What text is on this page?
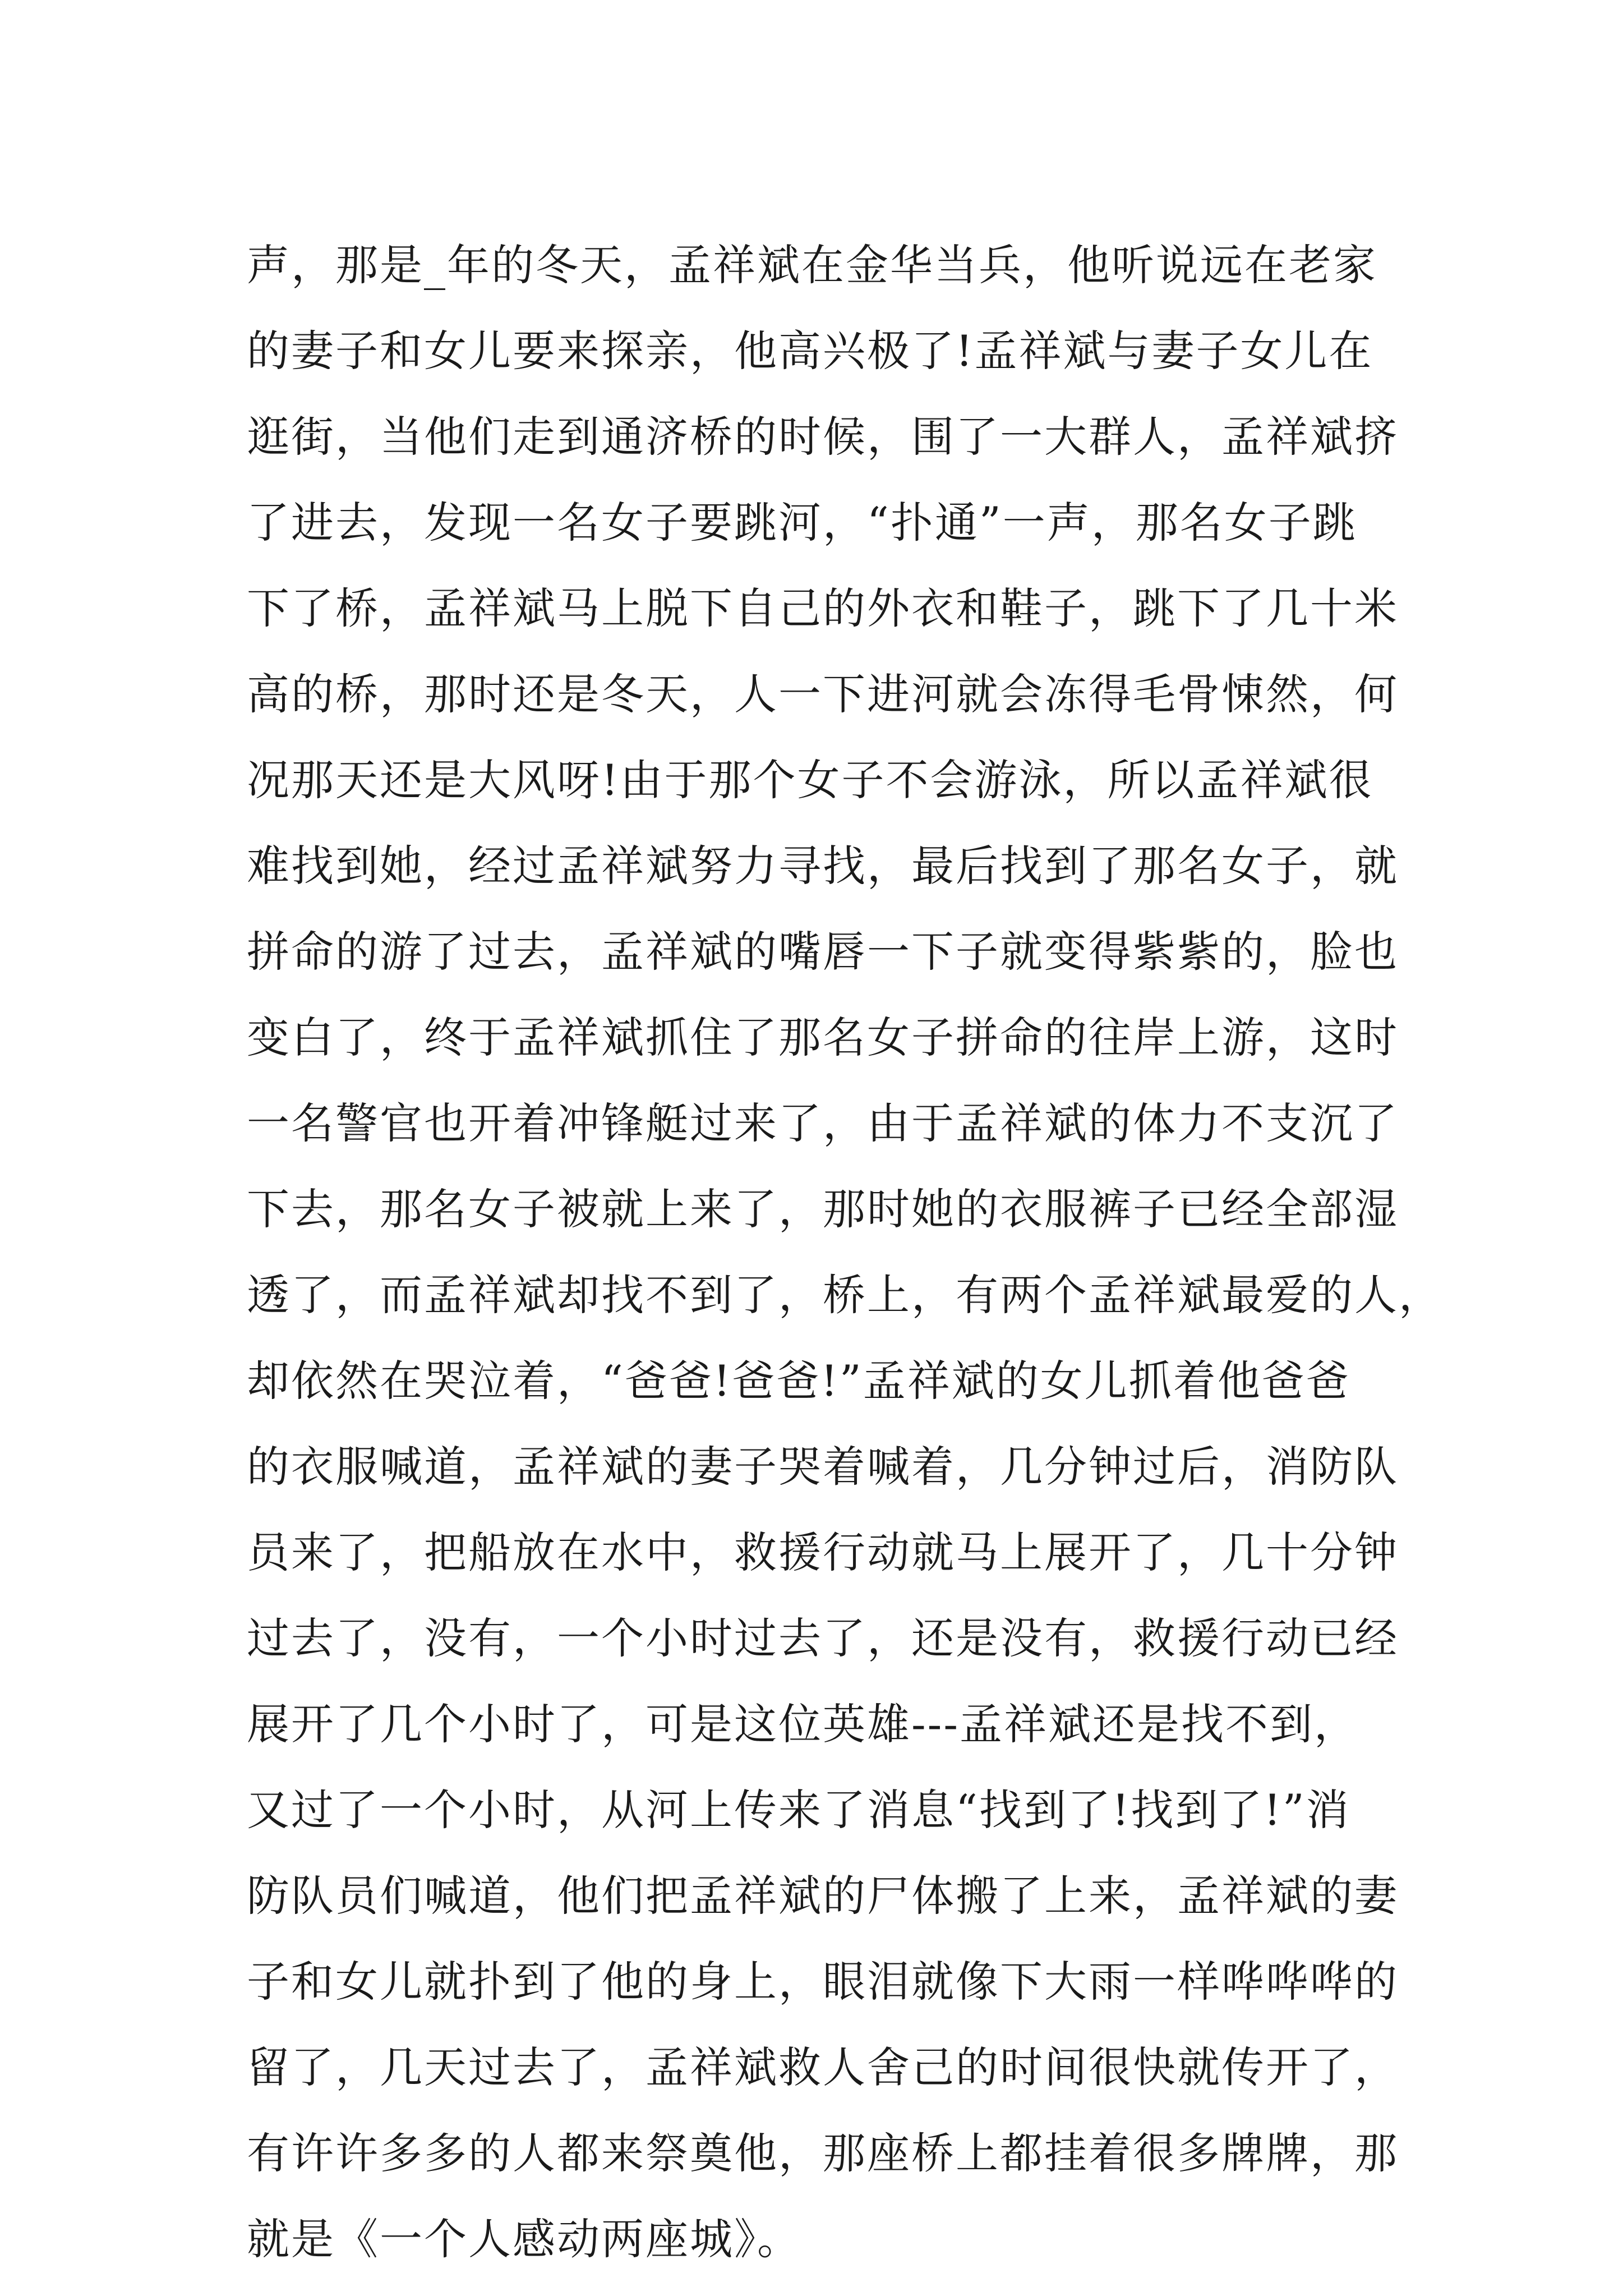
声，那是_年的冬天，孟祥斌在金华当兵，他听说远在老家
的妻子和女儿要来探亲，他高兴极了!孟祥斌与妻子女儿在
逛街，当他们走到通济桥的时候，围了一大群人，孟祥斌挤
了进去，发现一名女子要跳河，“扑通”一声，那名女子跳
下了桥，孟祥斌马上脱下自己的外衣和鞋子，跳下了几十米
高的桥，那时还是冬天，人一下进河就会冻得毛骨悚然，何
况那天还是大风呀!由于那个女子不会游泳，所以孟祥斌很
难找到她，经过孟祥斌努力寻找，最后找到了那名女子，就
拼命的游了过去，孟祥斌的嘴唇一下子就变得紫紫的，脸也
变白了，终于孟祥斌抓住了那名女子拼命的往岸上游，这时
一名警官也开着冲锋艇过来了，由于孟祥斌的体力不支沉了
下去，那名女子被就上来了，那时她的衣服裤子已经全部湿
透了，而孟祥斌却找不到了，桥上，有两个孟祥斌最爱的人，
却依然在哭泣着，“爸爸!爸爸!”孟祥斌的女儿抓着他爸爸
的衣服喊道，孟祥斌的妻子哭着喊着，几分钟过后，消防队
员来了，把船放在水中，救援行动就马上展开了，几十分钟
过去了，没有，一个小时过去了，还是没有，救援行动已经
展开了几个小时了，可是这位英雄---孟祥斌还是找不到，
又过了一个小时，从河上传来了消息“找到了!找到了!”消
防队员们喊道，他们把孟祥斌的尸体搬了上来，孟祥斌的妻
子和女儿就扑到了他的身上，眼泪就像下大雨一样哗哗哗的
留了，几天过去了，孟祥斌救人舍己的时间很快就传开了，
有许许多多的人都来祭奠他，那座桥上都挂着很多牌牌，那
就是《一个人感动两座城》。
